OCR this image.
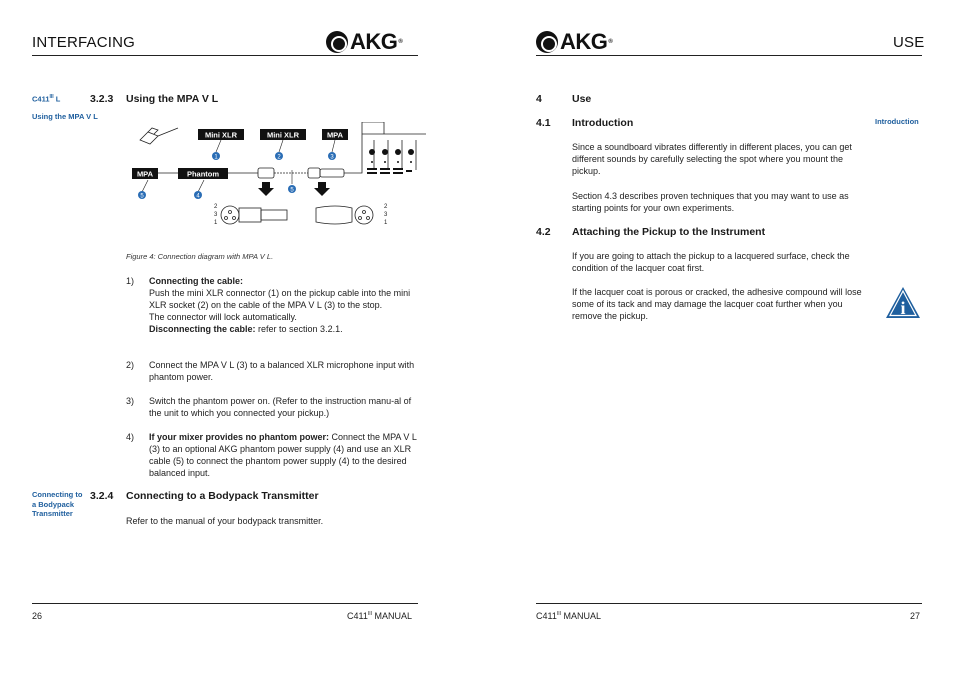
INTERFACING	AKG ®
$C411^{III}$ L
Using the MPA V L
3.2.3 Using the MPA V L
Mini XLR	Mini XLR	MPA
1	2	3
4
5
5
MPA	Phantom
2
3
1
2
3
1
Figure 4: Connection diagram with MPA V L.
1) Connecting the cable:
Push the mini XLR connector (1) on the pickup cable into the mini XLR socket (2) on the cable of the MPA V L (3) to the stop.
The connector will lock automatically.
Disconnecting the cable: refer to section 3.2.1.
2) Connect the MPA V L (3) to a balanced XLR microphone input with phantom power.
3) Switch the phantom power on. (Refer to the instruction manu-al of the unit to which you connected your pickup.)
4) If your mixer provides no phantom power: Connect the MPA V L (3) to an optional AKG phantom power supply (4) and use an XLR cable (5) to connect the phantom power supply (4) to the desired balanced input.
Connecting to
a Bodypack
Transmitter
3.2.4 Connecting to a Bodypack Transmitter
Refer to the manual of your bodypack transmitter.
26	$C411^{III}$ MANUAL
AKG ®	USE
4	Use
4.1 Introduction	Introduction
Since a soundboard vibrates differently in different places, you can get different sounds by carefully selecting the spot where you mount the pickup.
Section 4.3 describes proven techniques that you may want to use as starting points for your own experiments.
4.2 Attaching the Pickup to the Instrument
If you are going to attach the pickup to a lacquered surface, check the condition of the lacquer coat first.
If the lacquer coat is porous or cracked, the adhesive compound will lose some of its tack and may damage the lacquer coat further when you remove the pickup.	i
$C411^{III}$ MANUAL	27
